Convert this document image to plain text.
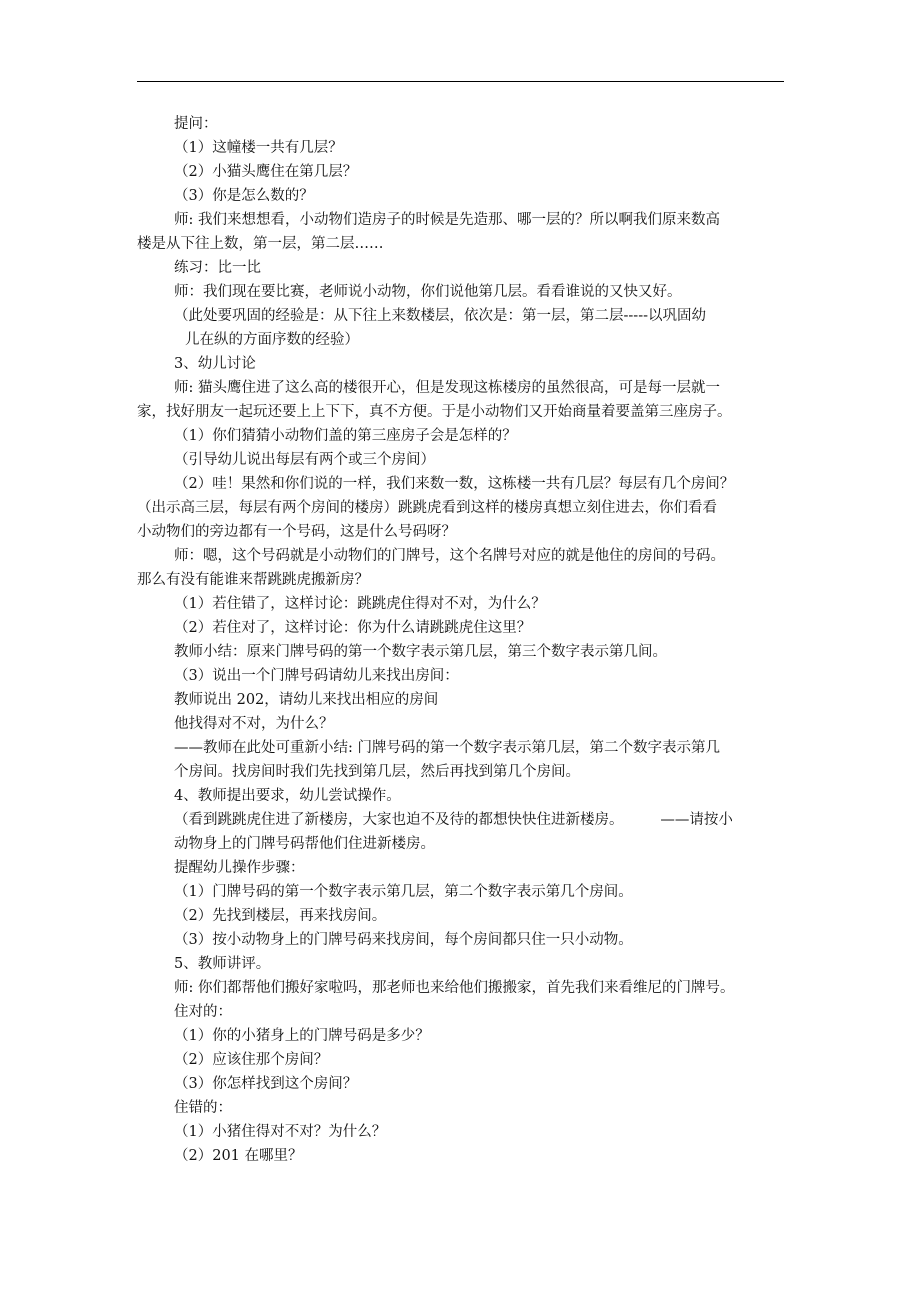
提问：
（1）这幢楼一共有几层？
（2）小猫头鹰住在第几层？
（3）你是怎么数的？
师: 我们来想想看，小动物们造房子的时候是先造那、哪一层的？所以啊我们原来数高
楼是从下往上数，第一层，第二层……
练习：比一比
师：我们现在要比赛，老师说小动物，你们说他第几层。看看谁说的又快又好。
（此处要巩固的经验是：从下往上来数楼层，依次是：第一层，第二层-----以巩固幼
儿在纵的方面序数的经验）
3、幼儿讨论
师: 猫头鹰住进了这么高的楼很开心，但是发现这栋楼房的虽然很高，可是每一层就一
家，找好朋友一起玩还要上上下下，真不方便。于是小动物们又开始商量着要盖第三座房子。
（1）你们猜猜小动物们盖的第三座房子会是怎样的？
（引导幼儿说出每层有两个或三个房间）
（2）哇！果然和你们说的一样，我们来数一数，这栋楼一共有几层？每层有几个房间？
（出示高三层，每层有两个房间的楼房）跳跳虎看到这样的楼房真想立刻住进去，你们看看
小动物们的旁边都有一个号码，这是什么号码呀？
师：嗯，这个号码就是小动物们的门牌号，这个名牌号对应的就是他住的房间的号码。
那么有没有能谁来帮跳跳虎搬新房？
（1）若住错了，这样讨论：跳跳虎住得对不对，为什么？
（2）若住对了，这样讨论：你为什么请跳跳虎住这里？
教师小结：原来门牌号码的第一个数字表示第几层，第三个数字表示第几间。
（3）说出一个门牌号码请幼儿来找出房间：
教师说出 202，请幼儿来找出相应的房间
他找得对不对，为什么？
——教师在此处可重新小结: 门牌号码的第一个数字表示第几层，第二个数字表示第几
个房间。找房间时我们先找到第几层，然后再找到第几个房间。
4、教师提出要求，幼儿尝试操作。
（看到跳跳虎住进了新楼房，大家也迫不及待的都想快快住进新楼房。        ——请按小
动物身上的门牌号码帮他们住进新楼房。
提醒幼儿操作步骤：
（1）门牌号码的第一个数字表示第几层，第二个数字表示第几个房间。
（2）先找到楼层，再来找房间。
（3）按小动物身上的门牌号码来找房间，每个房间都只住一只小动物。
5、教师讲评。
师: 你们都帮他们搬好家啦吗，那老师也来给他们搬搬家，首先我们来看维尼的门牌号。
住对的：
（1）你的小猪身上的门牌号码是多少？
（2）应该住那个房间？
（3）你怎样找到这个房间？
住错的：
（1）小猪住得对不对？为什么？
（2）201 在哪里？
